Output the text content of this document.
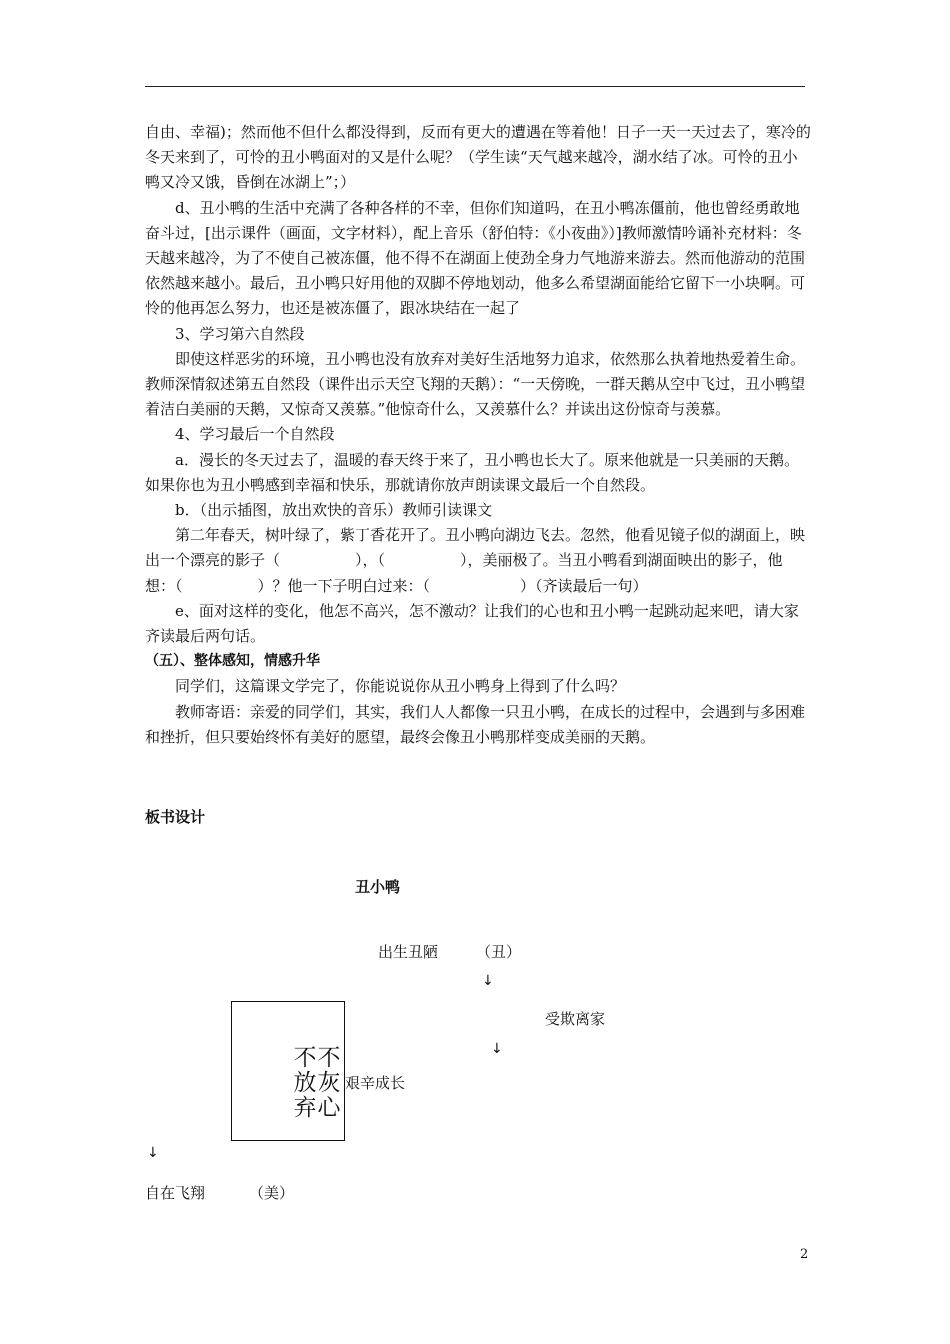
自由、幸福)；然而他不但什么都没得到，反而有更大的遭遇在等着他！日子一天一天过去了，寒冷的冬天来到了，可怜的丑小鸭面对的又是什么呢？（学生读“天气越来越冷，湖水结了冰。可怜的丑小鸭又冷又饿，昏倒在冰湖上”；）

d、丑小鸭的生活中充满了各种各样的不幸，但你们知道吗，在丑小鸭冻僵前，他也曾经勇敢地奋斗过，[出示课件（画面，文字材料），配上音乐（舒伯特：《小夜曲》）]教师激情吟诵补充材料：冬天越来越冷，为了不使自己被冻僵，他不得不在湖面上使劲全身力气地游来游去。然而他游动的范围依然越来越小。最后，丑小鸭只好用他的双脚不停地划动，他多么希望湖面能给它留下一小块啊。可怜的他再怎么努力，也还是被冻僵了，跟冰块结在一起了

3、学习第六自然段

即使这样恶劣的环境，丑小鸭也没有放弃对美好生活地努力追求，依然那么执着地热爱着生命。教师深情叙述第五自然段（课件出示天空飞翔的天鹅）：“一天傍晚，一群天鹅从空中飞过，丑小鸭望着洁白美丽的天鹅，又惊奇又羡慕。”他惊奇什么，又羡慕什么？并读出这份惊奇与羡慕。

4、学习最后一个自然段

a．漫长的冬天过去了，温暖的春天终于来了，丑小鸭也长大了。原来他就是一只美丽的天鹅。如果你也为丑小鸭感到幸福和快乐，那就请你放声朗读课文最后一个自然段。

b．（出示插图，放出欢快的音乐）教师引读课文

第二年春天，树叶绿了，紫丁香花开了。丑小鸭向湖边飞去。忽然，他看见镜子似的湖面上，映出一个漂亮的影子（　　　　　），（　　　　　），美丽极了。当丑小鸭看到湖面映出的影子，他想：（　　　　　）？他一下子明白过来：（　　　　　　）（齐读最后一句）

e、面对这样的变化，他怎不高兴，怎不激动？让我们的心也和丑小鸭一起跳动起来吧，请大家齐读最后两句话。

（五）、整体感知，情感升华

同学们，这篇课文学完了，你能说说你从丑小鸭身上得到了什么吗？

教师寄语：亲爱的同学们，其实，我们人人都像一只丑小鸭，在成长的过程中，会遇到与多困难和挫折，但只要始终怀有美好的愿望，最终会像丑小鸭那样变成美丽的天鹅。

板书设计
丑小鸭
出生丑陋	（丑）
↓
受欺离家
↓
不放弃
不灰心
艰辛成长
↓
自在飞翔	（美）
2
